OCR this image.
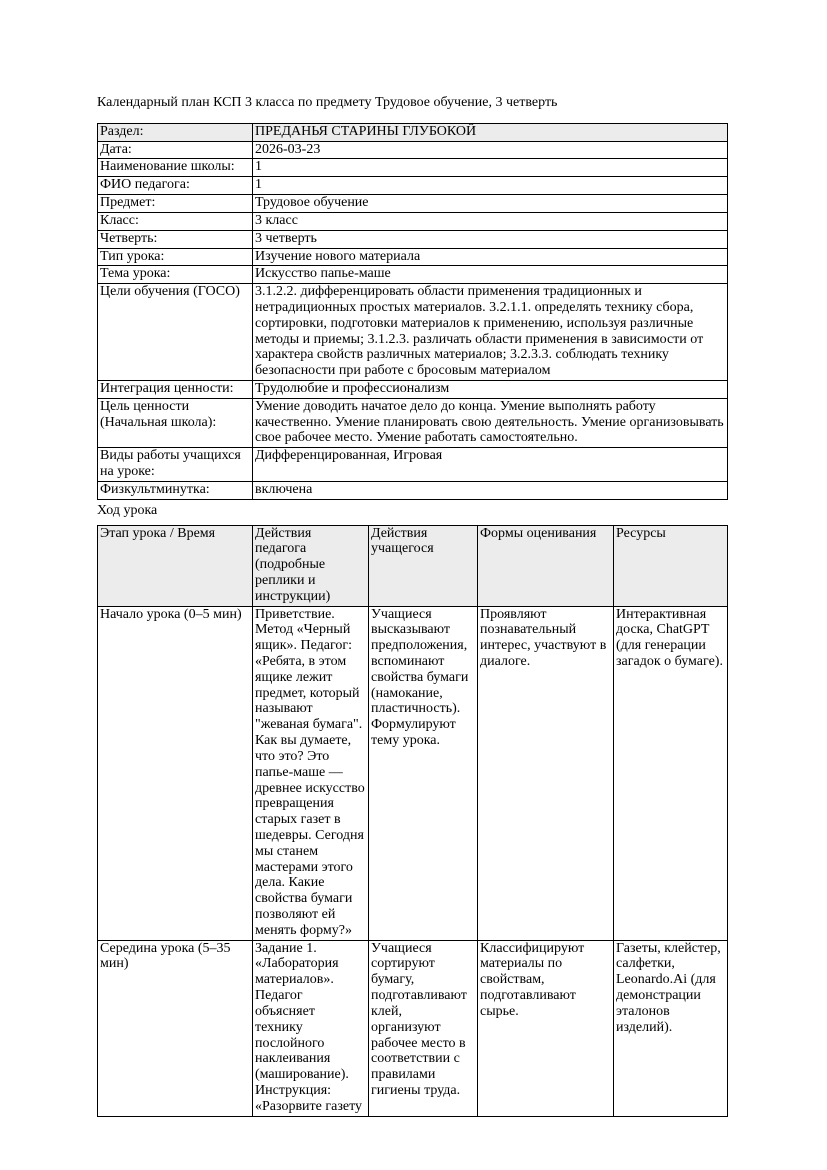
Календарный план КСП 3 класса по предмету Трудовое обучение, 3 четверть

Раздел:	ПРЕДАНЬЯ СТАРИНЫ ГЛУБОКОЙ
Дата:	2026-03-23
Наименование школы:	1
ФИО педагога:	1
Предмет:	Трудовое обучение
Класс:	3 класс
Четверть:	3 четверть
Тип урока:	Изучение нового материала
Тема урока:	Искусство папье-маше
Цели обучения (ГОСО)	3.1.2.2. дифференцировать области применения традиционных и нетрадиционных простых материалов. 3.2.1.1. определять технику сбора, сортировки, подготовки материалов к применению, используя различные методы и приемы; 3.1.2.3. различать области применения в зависимости от характера свойств различных материалов; 3.2.3.3. соблюдать технику безопасности при работе с бросовым материалом
Интеграция ценности:	Трудолюбие и профессионализм
Цель ценности (Начальная школа):	Умение доводить начатое дело до конца. Умение выполнять работу качественно. Умение планировать свою деятельность. Умение организовывать свое рабочее место. Умение работать самостоятельно.
Виды работы учащихся на уроке:	Дифференцированная, Игровая
Физкультминутка:	включена

Ход урока

Этап урока / Время	Действия педагога (подробные реплики и инструкции)	Действия учащегося	Формы оценивания	Ресурсы
Начало урока (0–5 мин)	Приветствие. Метод «Черный ящик». Педагог: «Ребята, в этом ящике лежит предмет, который называют "жеваная бумага". Как вы думаете, что это? Это папье-маше — древнее искусство превращения старых газет в шедевры. Сегодня мы станем мастерами этого дела. Какие свойства бумаги позволяют ей менять форму?»	Учащиеся высказывают предположения, вспоминают свойства бумаги (намокание, пластичность). Формулируют тему урока.	Проявляют познавательный интерес, участвуют в диалоге.	Интерактивная доска, ChatGPT (для генерации загадок о бумаге).
Середина урока (5–35 мин)	Задание 1. «Лаборатория материалов». Педагог объясняет технику послойного наклеивания (маширование). Инструкция: «Разорвите газету	Учащиеся сортируют бумагу, подготавливают клей, организуют рабочее место в соответствии с правилами гигиены труда.	Классифицируют материалы по свойствам, подготавливают сырье.	Газеты, клейстер, салфетки, Leonardo.Ai (для демонстрации эталонов изделий).
